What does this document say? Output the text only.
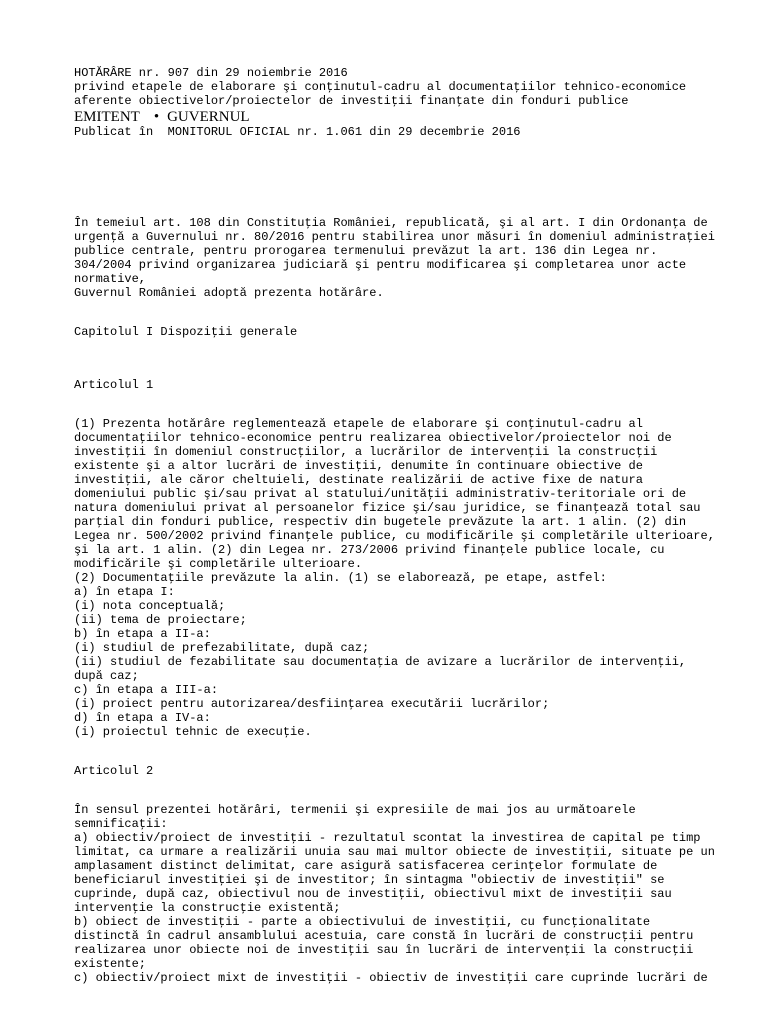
HOTĂRÂRE nr. 907 din 29 noiembrie 2016
privind etapele de elaborare şi conţinutul-cadru al documentaţiilor tehnico-economice
aferente obiectivelor/proiectelor de investiţii finanţate din fonduri publice
EMITENT • GUVERNUL
Publicat în  MONITORUL OFICIAL nr. 1.061 din 29 decembrie 2016
În temeiul art. 108 din Constituţia României, republicată, şi al art. I din Ordonanţa de
urgenţă a Guvernului nr. 80/2016 pentru stabilirea unor măsuri în domeniul administraţiei
publice centrale, pentru prorogarea termenului prevăzut la art. 136 din Legea nr.
304/2004 privind organizarea judiciară şi pentru modificarea şi completarea unor acte
normative,
Guvernul României adoptă prezenta hotărâre.
Capitolul I Dispoziţii generale
Articolul 1
(1) Prezenta hotărâre reglementează etapele de elaborare şi conţinutul-cadru al
documentaţiilor tehnico-economice pentru realizarea obiectivelor/proiectelor noi de
investiţii în domeniul construcţiilor, a lucrărilor de intervenţii la construcţii
existente şi a altor lucrări de investiţii, denumite în continuare obiective de
investiţii, ale căror cheltuieli, destinate realizării de active fixe de natura
domeniului public şi/sau privat al statului/unităţii administrativ-teritoriale ori de
natura domeniului privat al persoanelor fizice şi/sau juridice, se finanţează total sau
parţial din fonduri publice, respectiv din bugetele prevăzute la art. 1 alin. (2) din
Legea nr. 500/2002 privind finanţele publice, cu modificările şi completările ulterioare,
şi la art. 1 alin. (2) din Legea nr. 273/2006 privind finanţele publice locale, cu
modificările şi completările ulterioare.
(2) Documentaţiile prevăzute la alin. (1) se elaborează, pe etape, astfel:
a) în etapa I:
(i) nota conceptuală;
(ii) tema de proiectare;
b) în etapa a II-a:
(i) studiul de prefezabilitate, după caz;
(ii) studiul de fezabilitate sau documentaţia de avizare a lucrărilor de intervenţii,
după caz;
c) în etapa a III-a:
(i) proiect pentru autorizarea/desfiinţarea executării lucrărilor;
d) în etapa a IV-a:
(i) proiectul tehnic de execuţie.
Articolul 2
În sensul prezentei hotărâri, termenii şi expresiile de mai jos au următoarele
semnificaţii:
a) obiectiv/proiect de investiţii - rezultatul scontat la investirea de capital pe timp
limitat, ca urmare a realizării unuia sau mai multor obiecte de investiţii, situate pe un
amplasament distinct delimitat, care asigură satisfacerea cerinţelor formulate de
beneficiarul investiţiei şi de investitor; în sintagma "obiectiv de investiţii" se
cuprinde, după caz, obiectivul nou de investiţii, obiectivul mixt de investiţii sau
intervenţie la construcţie existentă;
b) obiect de investiţii - parte a obiectivului de investiţii, cu funcţionalitate
distinctă în cadrul ansamblului acestuia, care constă în lucrări de construcţii pentru
realizarea unor obiecte noi de investiţii sau în lucrări de intervenţii la construcţii
existente;
c) obiectiv/proiect mixt de investiţii - obiectiv de investiţii care cuprinde lucrări de
